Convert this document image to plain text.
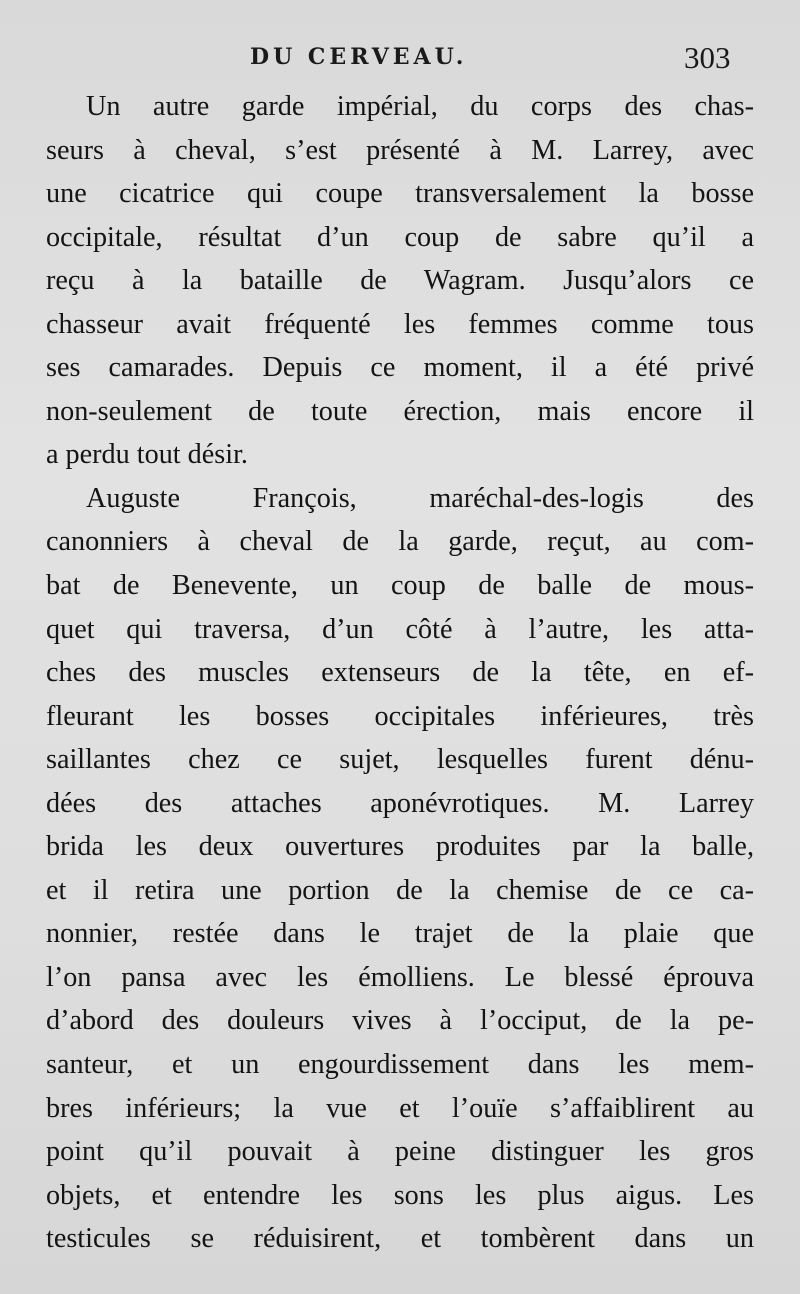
DU CERVEAU.	303
Un autre garde impérial, du corps des chas-
seurs à cheval, s’est présenté à M. Larrey, avec
une cicatrice qui coupe transversalement la bosse
occipitale, résultat d’un coup de sabre qu’il a
reçu à la bataille de Wagram. Jusqu’alors ce
chasseur avait fréquenté les femmes comme tous
ses camarades. Depuis ce moment, il a été privé
non-seulement de toute érection, mais encore il
a perdu tout désir.
Auguste François, maréchal-des-logis des
canonniers à cheval de la garde, reçut, au com-
bat de Benevente, un coup de balle de mous-
quet qui traversa, d’un côté à l’autre, les atta-
ches des muscles extenseurs de la tête, en ef-
fleurant les bosses occipitales inférieures, très
saillantes chez ce sujet, lesquelles furent dénu-
dées des attaches aponévrotiques. M. Larrey
brida les deux ouvertures produites par la balle,
et il retira une portion de la chemise de ce ca-
nonnier, restée dans le trajet de la plaie que
l’on pansa avec les émolliens. Le blessé éprouva
d’abord des douleurs vives à l’occiput, de la pe-
santeur, et un engourdissement dans les mem-
bres inférieurs; la vue et l’ouïe s’affaiblirent au
point qu’il pouvait à peine distinguer les gros
objets, et entendre les sons les plus aigus. Les
testicules se réduisirent, et tombèrent dans un
